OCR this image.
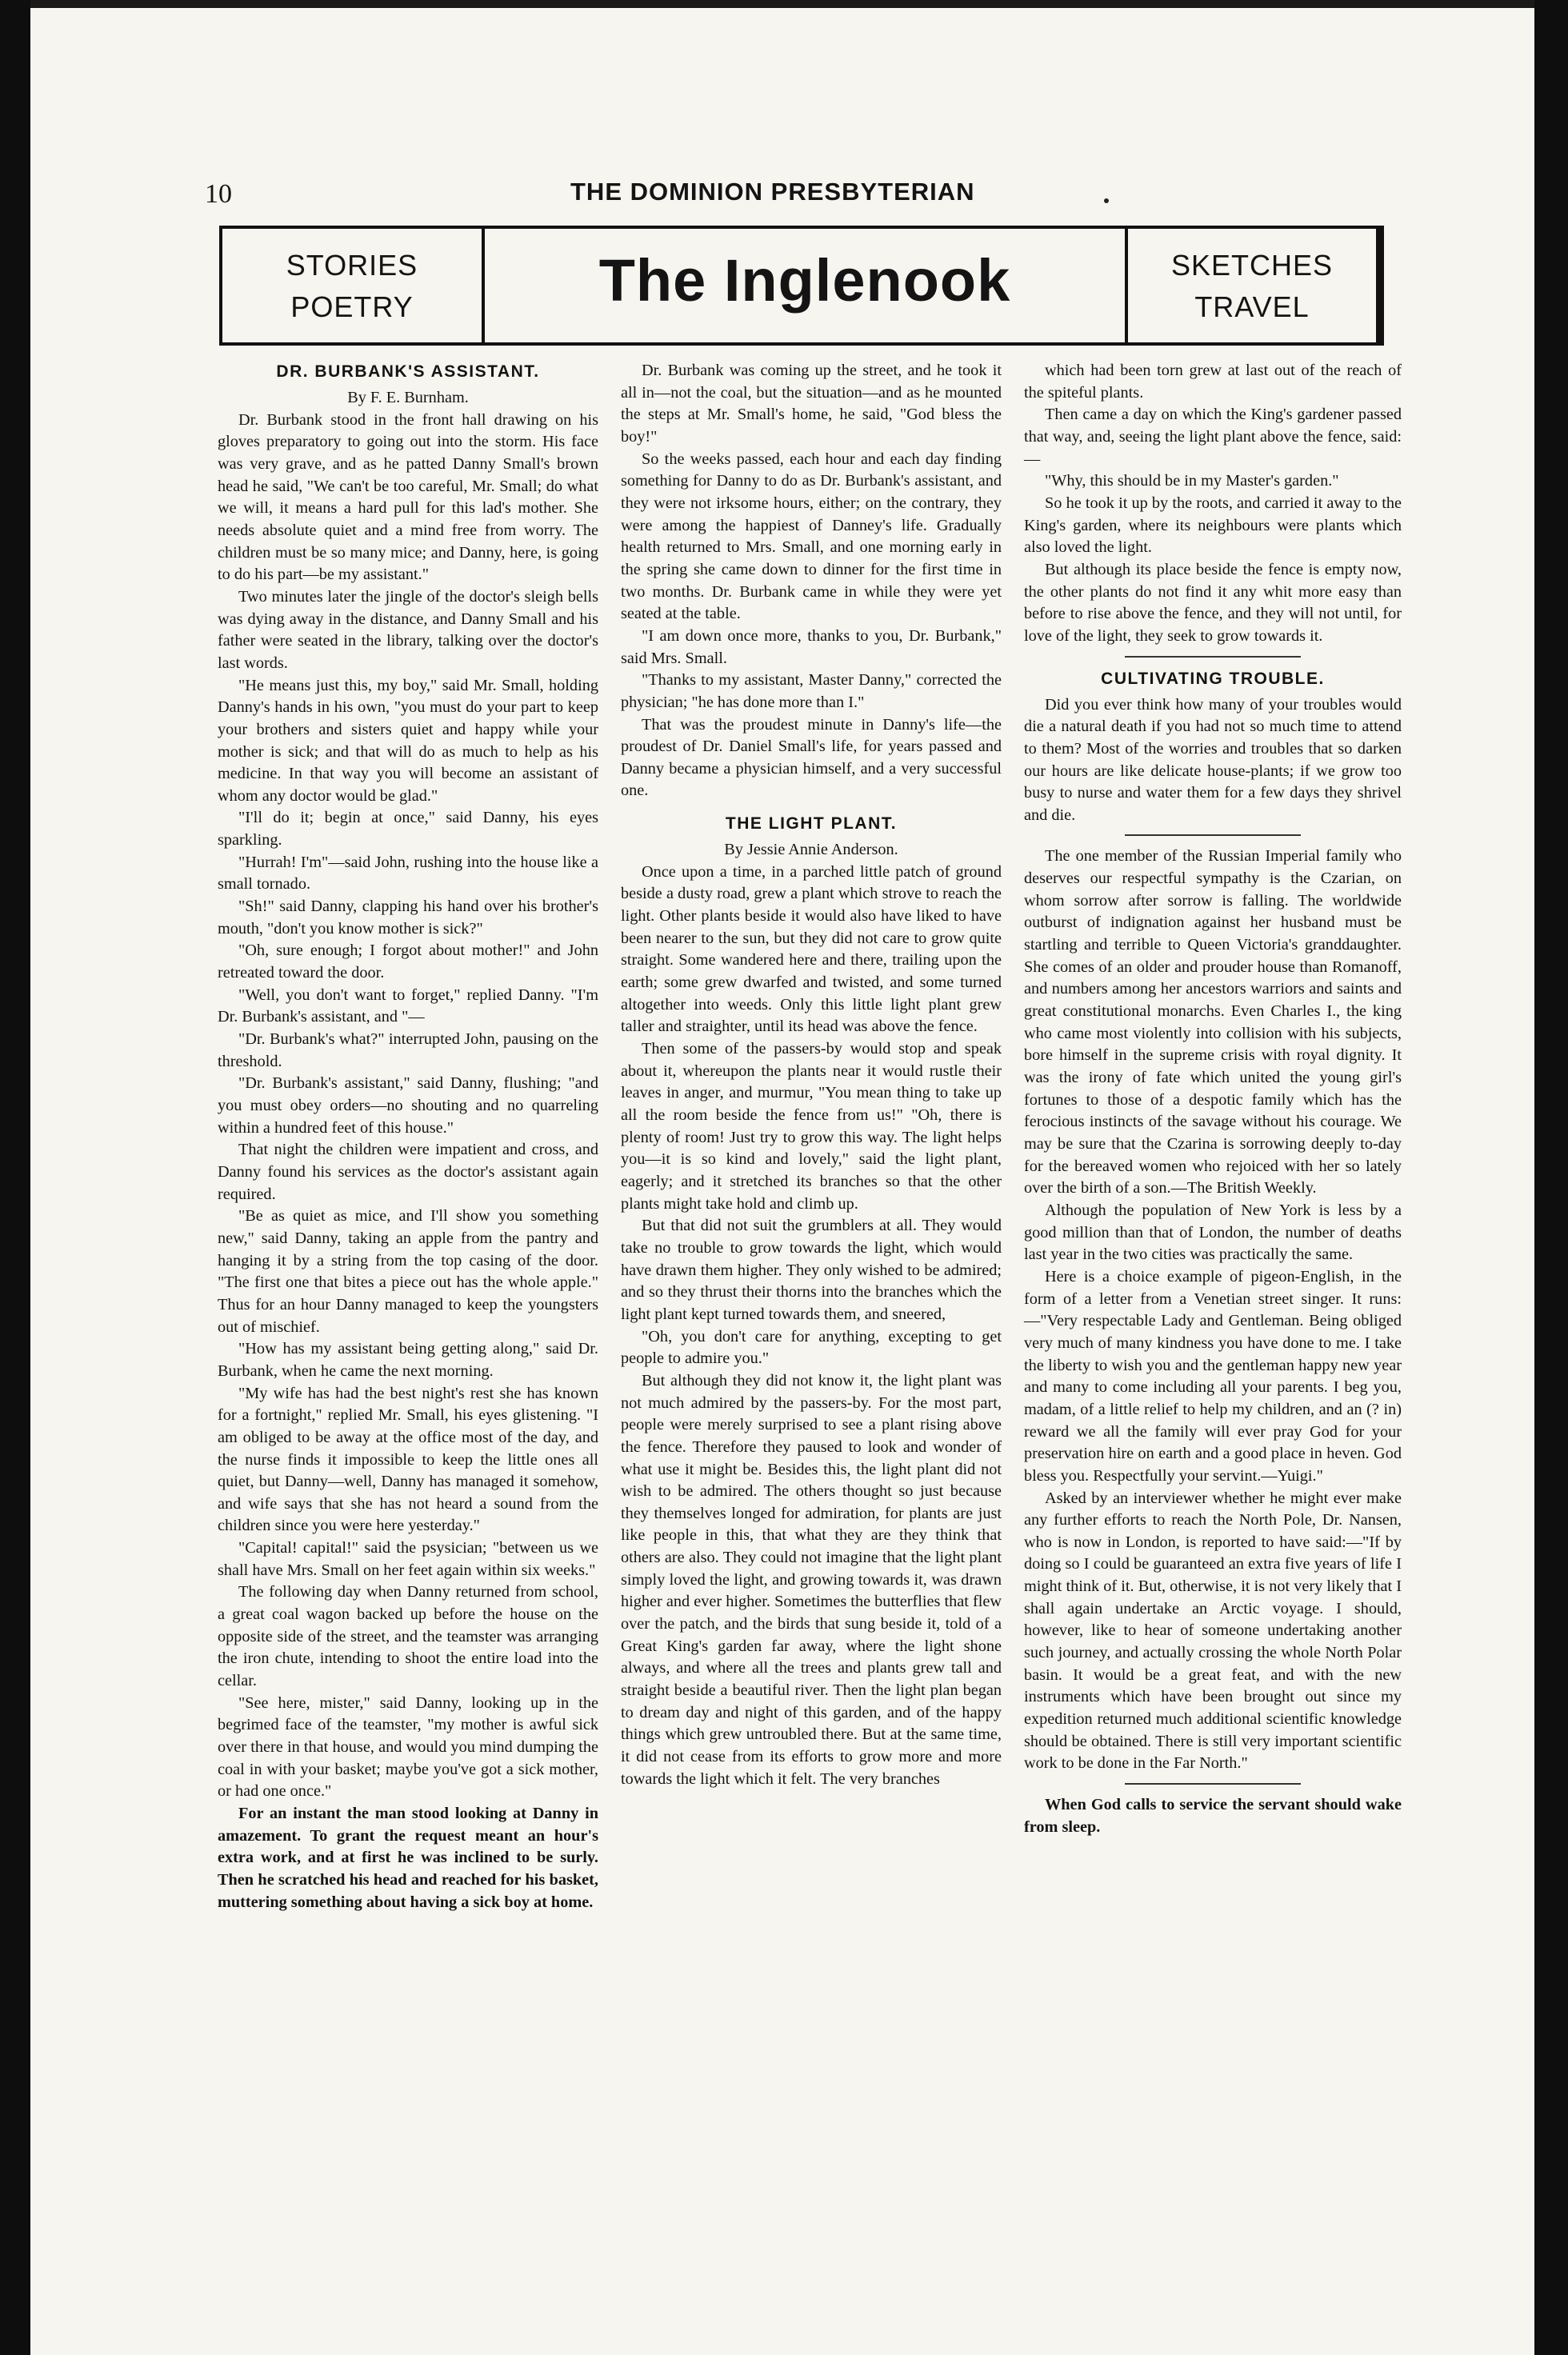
10	THE DOMINION PRESBYTERIAN
STORIES
POETRY	The Inglenook	SKETCHES
TRAVEL
DR. BURBANK'S ASSISTANT.

By F. E. Burnham.

Dr. Burbank stood in the front hall drawing on his gloves preparatory to going out into the storm. His face was very grave, and as he patted Danny Small's brown head he said, "We can't be too careful, Mr. Small; do what we will, it means a hard pull for this lad's mother. She needs absolute quiet and a mind free from worry. The children must be so many mice; and Danny, here, is going to do his part—be my assistant."

Two minutes later the jingle of the doctor's sleigh bells was dying away in the distance, and Danny Small and his father were seated in the library, talking over the doctor's last words.

"He means just this, my boy," said Mr. Small, holding Danny's hands in his own, "you must do your part to keep your brothers and sisters quiet and happy while your mother is sick; and that will do as much to help as his medicine. In that way you will become an assistant of whom any doctor would be glad."

"I'll do it; begin at once," said Danny, his eyes sparkling.

"Hurrah! I'm"—said John, rushing into the house like a small tornado.

"Sh!" said Danny, clapping his hand over his brother's mouth, "don't you know mother is sick?"

"Oh, sure enough; I forgot about mother!" and John retreated toward the door.

"Well, you don't want to forget," replied Danny. "I'm Dr. Burbank's assistant, and "—

"Dr. Burbank's what?" interrupted John, pausing on the threshold.

"Dr. Burbank's assistant," said Danny, flushing; "and you must obey orders—no shouting and no quarreling within a hundred feet of this house."

That night the children were impatient and cross, and Danny found his services as the doctor's assistant again required.

"Be as quiet as mice, and I'll show you something new," said Danny, taking an apple from the pantry and hanging it by a string from the top casing of the door. "The first one that bites a piece out has the whole apple." Thus for an hour Danny managed to keep the youngsters out of mischief.

"How has my assistant being getting along," said Dr. Burbank, when he came the next morning.

"My wife has had the best night's rest she has known for a fortnight," replied Mr. Small, his eyes glistening. "I am obliged to be away at the office most of the day, and the nurse finds it impossible to keep the little ones all quiet, but Danny—well, Danny has managed it somehow, and wife says that she has not heard a sound from the children since you were here yesterday."

"Capital! capital!" said the psysician; "between us we shall have Mrs. Small on her feet again within six weeks."

The following day when Danny returned from school, a great coal wagon backed up before the house on the opposite side of the street, and the teamster was arranging the iron chute, intending to shoot the entire load into the cellar.

"See here, mister," said Danny, looking up in the begrimed face of the teamster, "my mother is awful sick over there in that house, and would you mind dumping the coal in with your basket; maybe you've got a sick mother, or had one once."

For an instant the man stood looking at Danny in amazement. To grant the request meant an hour's extra work, and at first he was inclined to be surly. Then he scratched his head and reached for his basket, muttering something about having a sick boy at home.

Dr. Burbank was coming up the street, and he took it all in—not the coal, but the situation—and as he mounted the steps at Mr. Small's home, he said, "God bless the boy!"

So the weeks passed, each hour and each day finding something for Danny to do as Dr. Burbank's assistant, and they were not irksome hours, either; on the contrary, they were among the happiest of Danney's life. Gradually health returned to Mrs. Small, and one morning early in the spring she came down to dinner for the first time in two months. Dr. Burbank came in while they were yet seated at the table.

"I am down once more, thanks to you, Dr. Burbank," said Mrs. Small.

"Thanks to my assistant, Master Danny," corrected the physician; "he has done more than I."

That was the proudest minute in Danny's life—the proudest of Dr. Daniel Small's life, for years passed and Danny became a physician himself, and a very successful one.

THE LIGHT PLANT.

By Jessie Annie Anderson.

Once upon a time, in a parched little patch of ground beside a dusty road, grew a plant which strove to reach the light. Other plants beside it would also have liked to have been nearer to the sun, but they did not care to grow quite straight. Some wandered here and there, trailing upon the earth; some grew dwarfed and twisted, and some turned altogether into weeds. Only this little light plant grew taller and straighter, until its head was above the fence.

Then some of the passers-by would stop and speak about it, whereupon the plants near it would rustle their leaves in anger, and murmur, "You mean thing to take up all the room beside the fence from us!" "Oh, there is plenty of room! Just try to grow this way. The light helps you—it is so kind and lovely," said the light plant, eagerly; and it stretched its branches so that the other plants might take hold and climb up.

But that did not suit the grumblers at all. They would take no trouble to grow towards the light, which would have drawn them higher. They only wished to be admired; and so they thrust their thorns into the branches which the light plant kept turned towards them, and sneered,

"Oh, you don't care for anything, excepting to get people to admire you."

But although they did not know it, the light plant was not much admired by the passers-by. For the most part, people were merely surprised to see a plant rising above the fence. Therefore they paused to look and wonder of what use it might be. Besides this, the light plant did not wish to be admired. The others thought so just because they themselves longed for admiration, for plants are just like people in this, that what they are they think that others are also. They could not imagine that the light plant simply loved the light, and growing towards it, was drawn higher and ever higher. Sometimes the butterflies that flew over the patch, and the birds that sung beside it, told of a Great King's garden far away, where the light shone always, and where all the trees and plants grew tall and straight beside a beautiful river. Then the light plan began to dream day and night of this garden, and of the happy things which grew untroubled there. But at the same time, it did not cease from its efforts to grow more and more towards the light which it felt. The very branches

which had been torn grew at last out of the reach of the spiteful plants.

Then came a day on which the King's gardener passed that way, and, seeing the light plant above the fence, said:—

"Why, this should be in my Master's garden."

So he took it up by the roots, and carried it away to the King's garden, where its neighbours were plants which also loved the light.

But although its place beside the fence is empty now, the other plants do not find it any whit more easy than before to rise above the fence, and they will not until, for love of the light, they seek to grow towards it.

CULTIVATING TROUBLE.

Did you ever think how many of your troubles would die a natural death if you had not so much time to attend to them? Most of the worries and troubles that so darken our hours are like delicate house-plants; if we grow too busy to nurse and water them for a few days they shrivel and die.

The one member of the Russian Imperial family who deserves our respectful sympathy is the Czarian, on whom sorrow after sorrow is falling. The worldwide outburst of indignation against her husband must be startling and terrible to Queen Victoria's granddaughter. She comes of an older and prouder house than Romanoff, and numbers among her ancestors warriors and saints and great constitutional monarchs. Even Charles I., the king who came most violently into collision with his subjects, bore himself in the supreme crisis with royal dignity. It was the irony of fate which united the young girl's fortunes to those of a despotic family which has the ferocious instincts of the savage without his courage. We may be sure that the Czarina is sorrowing deeply to-day for the bereaved women who rejoiced with her so lately over the birth of a son.—The British Weekly.

Although the population of New York is less by a good million than that of London, the number of deaths last year in the two cities was practically the same.

Here is a choice example of pigeon-English, in the form of a letter from a Venetian street singer. It runs:—"Very respectable Lady and Gentleman. Being obliged very much of many kindness you have done to me. I take the liberty to wish you and the gentleman happy new year and many to come including all your parents. I beg you, madam, of a little relief to help my children, and an (? in) reward we all the family will ever pray God for your preservation hire on earth and a good place in heven. God bless you. Respectfully your servint.—Yuigi."

Asked by an interviewer whether he might ever make any further efforts to reach the North Pole, Dr. Nansen, who is now in London, is reported to have said:—"If by doing so I could be guaranteed an extra five years of life I might think of it. But, otherwise, it is not very likely that I shall again undertake an Arctic voyage. I should, however, like to hear of someone undertaking another such journey, and actually crossing the whole North Polar basin. It would be a great feat, and with the new instruments which have been brought out since my expedition returned much additional scientific knowledge should be obtained. There is still very important scientific work to be done in the Far North."

When God calls to service the servant should wake from sleep.
